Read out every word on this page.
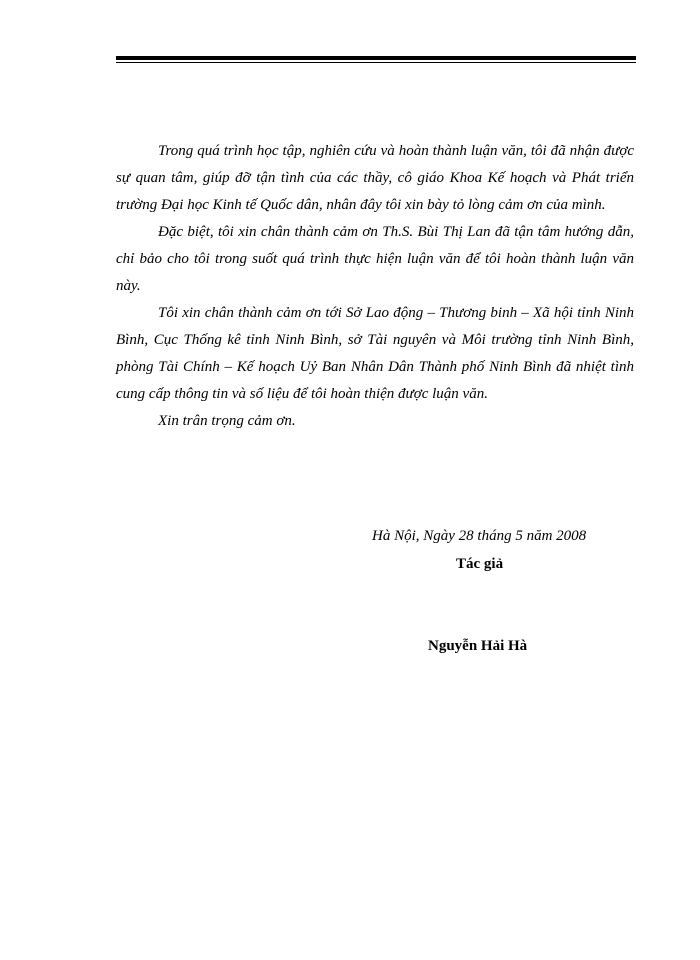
Trong quá trình học tập, nghiên cứu và hoàn thành luận văn, tôi đã nhận được sự quan tâm, giúp đỡ tận tình của các thầy, cô giáo Khoa Kế hoạch và Phát triển trường Đại học Kinh tế Quốc dân, nhân đây tôi xin bày tỏ lòng cảm ơn của mình.

Đặc biệt, tôi xin chân thành cảm ơn Th.S. Bùi Thị Lan đã tận tâm hướng dẫn, chỉ bảo cho tôi trong suốt quá trình thực hiện luận văn để tôi hoàn thành luận văn này.

Tôi xin chân thành cảm ơn tới Sở Lao động – Thương binh – Xã hội tỉnh Ninh Bình, Cục Thống kê tỉnh Ninh Bình, sở Tài nguyên và Môi trường tỉnh Ninh Bình, phòng Tài Chính – Kế hoạch Uỷ Ban Nhân Dân Thành phố Ninh Bình đã nhiệt tình cung cấp thông tin và số liệu để tôi hoàn thiện được luận văn.

Xin trân trọng cảm ơn.

Hà Nội, Ngày 28 tháng 5 năm 2008
Tác giả
Nguyễn Hải Hà
